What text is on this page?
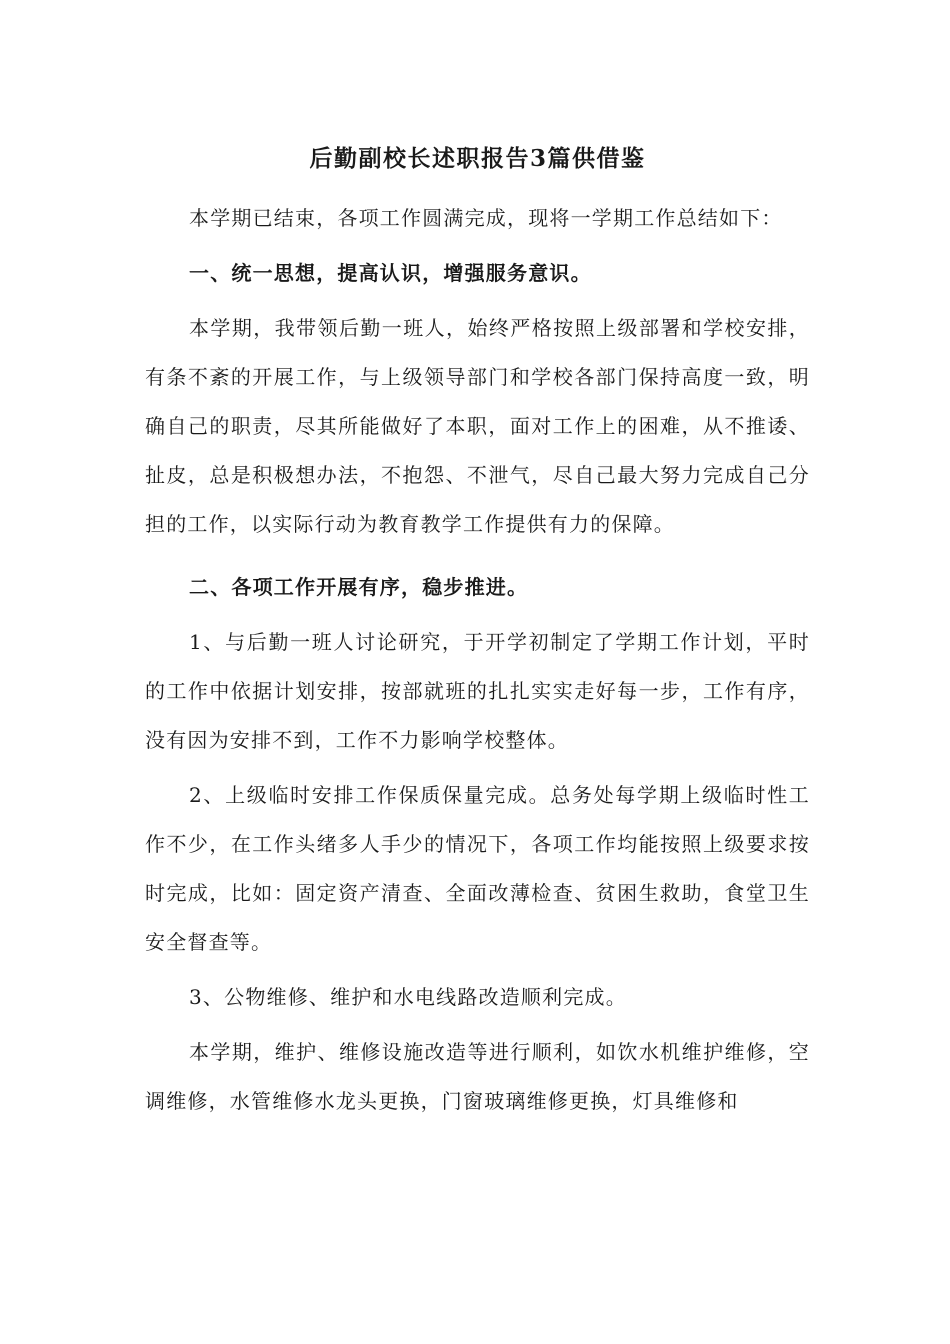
后勤副校长述职报告3篇供借鉴

本学期已结束，各项工作圆满完成，现将一学期工作总结如下：

一、统一思想，提高认识，增强服务意识。

本学期，我带领后勤一班人，始终严格按照上级部署和学校安排，有条不紊的开展工作，与上级领导部门和学校各部门保持高度一致，明确自己的职责，尽其所能做好了本职，面对工作上的困难，从不推诿、扯皮，总是积极想办法，不抱怨、不泄气，尽自己最大努力完成自己分担的工作，以实际行动为教育教学工作提供有力的保障。

二、各项工作开展有序，稳步推进。

1、与后勤一班人讨论研究，于开学初制定了学期工作计划，平时的工作中依据计划安排，按部就班的扎扎实实走好每一步，工作有序，没有因为安排不到，工作不力影响学校整体。

2、上级临时安排工作保质保量完成。总务处每学期上级临时性工作不少，在工作头绪多人手少的情况下，各项工作均能按照上级要求按时完成，比如：固定资产清查、全面改薄检查、贫困生救助，食堂卫生安全督查等。

3、公物维修、维护和水电线路改造顺利完成。

本学期，维护、维修设施改造等进行顺利，如饮水机维护维修，空调维修，水管维修水龙头更换，门窗玻璃维修更换，灯具维修和
